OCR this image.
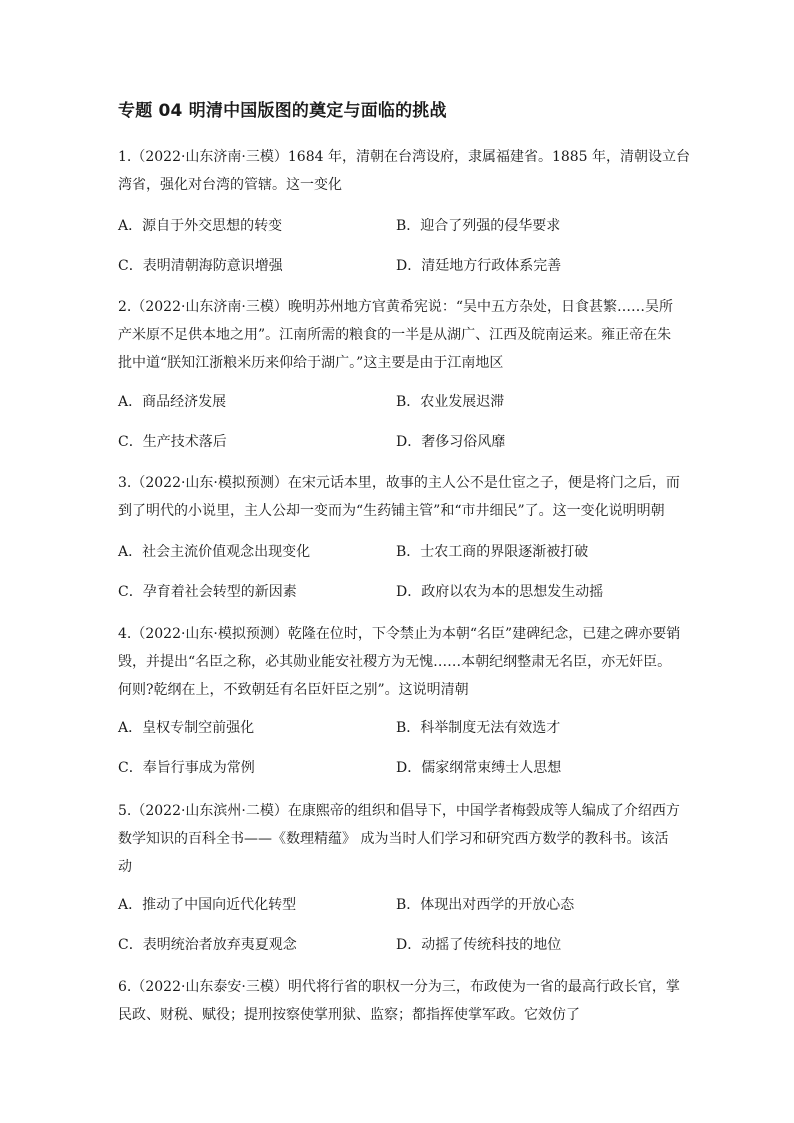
专题 04 明清中国版图的奠定与面临的挑战
1.（2022·山东济南·三模）1684 年，清朝在台湾设府，隶属福建省。1885 年，清朝设立台
湾省，强化对台湾的管辖。这一变化
A．源自于外交思想的转变	B．迎合了列强的侵华要求
C．表明清朝海防意识增强	D．清廷地方行政体系完善
2.（2022·山东济南·三模）晚明苏州地方官黄希宪说：“吴中五方杂处，日食甚繁……吴所
产米原不足供本地之用”。江南所需的粮食的一半是从湖广、江西及皖南运来。雍正帝在朱
批中道“朕知江浙粮米历来仰给于湖广。”这主要是由于江南地区
A．商品经济发展	B．农业发展迟滞
C．生产技术落后	D．奢侈习俗风靡
3.（2022·山东·模拟预测）在宋元话本里，故事的主人公不是仕宦之子，便是将门之后，而
到了明代的小说里，主人公却一变而为“生药铺主管”和“市井细民”了。这一变化说明明朝
A．社会主流价值观念出现变化	B．士农工商的界限逐渐被打破
C．孕育着社会转型的新因素	D．政府以农为本的思想发生动摇
4.（2022·山东·模拟预测）乾隆在位时，下令禁止为本朝“名臣”建碑纪念，已建之碑亦要销
毁，并提出“名臣之称，必其勋业能安社稷方为无愧……本朝纪纲整肃无名臣，亦无奸臣。
何则?乾纲在上，不致朝廷有名臣奸臣之别”。这说明清朝
A．皇权专制空前强化	B．科举制度无法有效选才
C．奉旨行事成为常例	D．儒家纲常束缚士人思想
5.（2022·山东滨州·二模）在康熙帝的组织和倡导下，中国学者梅瑴成等人编成了介绍西方
数学知识的百科全书——《数理精蕴》 成为当时人们学习和研究西方数学的教科书。该活
动
A．推动了中国向近代化转型	B．体现出对西学的开放心态
C．表明统治者放弃夷夏观念	D．动摇了传统科技的地位
6.（2022·山东泰安·三模）明代将行省的职权一分为三，布政使为一省的最高行政长官，掌
民政、财税、赋役；提刑按察使掌刑狱、监察；都指挥使掌军政。它效仿了
